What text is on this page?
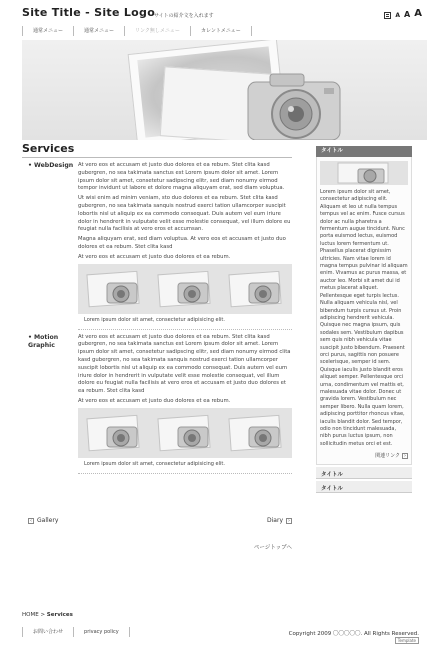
Site Title - Site Logo
サイトの紹介文を入れます	A A A
通常メニュー	通常メニュー	リンク無しメニュー	カレントメニュー
Services
• WebDesign At vero eos et accusam et justo duo dolores et ea rebum. Stet clita kasd gubergren, no sea takimata sanctus est Lorem ipsum dolor sit amet. Lorem ipsum dolor sit amet, consetetur sadipscing elitr, sed diam nonumy eirmod tempor invidunt ut labore et dolore magna aliquyam erat, sed diam voluptua.

Ut wisi enim ad minim veniam, sto duo dolores et ea rebum. Stet clita kasd gubergren, no sea takimata sanquis nostrud exerci tation ullamcorper suscipit lobortis nisl ut aliquip ex ea commodo consequat. Duis autem vel eum iriure dolor in hendrerit in vulputate velit esse molestie consequat, vel illum dolore eu feugiat nulla facilisis at vero eros et accumsan.

Magna aliquyam erat, sed diam voluptua. At vero eos et accusam et justo duo dolores et ea rebum. Stet clita kasd

At vero eos et accusam et justo duo dolores et ea rebum.

Lorem ipsum dolor sit amet, consectetur adipisicing elit.
• Motion Graphic

At vero eos et accusam et justo duo dolores et ea rebum. Stet clita kasd gubergren, no sea takimata sanctus est Lorem ipsum dolor sit amet. Lorem ipsum dolor sit amet, consetetur sadipscing elitr, sed diam nonumy eirmod clita kasd gubergren, no sea takimata sanquis nostrud exerci tation ullamcorper suscipit lobortis nisl ut aliquip ex ea commodo consequat. Duis autem vel eum iriure dolor in hendrerit in vulputate velit esse molestie consequat, vel illum dolore eu feugiat nulla facilisis at vero eros et accusam et justo duo dolores et ea rebum. Stet clita kasd

At vero eos et accusam et justo duo dolores et ea rebum.

Lorem ipsum dolor sit amet, consectetur adipisicing elit.
‹ Gallery	Diary	›
ページトップへ
タイトル
Lorem ipsum dolor sit amet, consectetur adipiscing elit. Aliquam et leo ut nulla tempus tempus vel ac enim. Fusce cursus dolor ac nulla pharetra a fermentum augue tincidunt. Nunc porta euismod lectus, euismod luctus lorem fermentum ut. Phasellus placerat dignissim ultricies. Nam vitae lorem id magna tempus pulvinar id aliquam enim. Vivamus ac purus massa, et auctor leo. Morbi sit amet dui id metus placerat aliquet. Pellentesque eget turpis lectus. Nulla aliquam vehicula nisl, vel bibendum turpis cursus ut. Proin adipiscing hendrerit vehicula. Quisque nec magna ipsum, quis sodales sem. Vestibulum dapibus sem quis nibh vehicula vitae suscipit justo bibendum. Praesent orci purus, sagittis non posuere scelerisque, semper id sem. Quisque iaculis justo blandit eros aliquet semper. Pellentesque orci urna, condimentum vel mattis et, malesuada vitae dolor. Donec ut gravida lorem. Vestibulum nec semper libero. Nulla quam lorem, adipiscing porttitor rhoncus vitae, iaculis blandit dolor. Sed tempor, odio non tincidunt malesuada, nibh purus luctus ipsum, non sollicitudin metus orci et est.
関連リンク ›
タイトル
タイトル
HOME > Services
お問い合わせ	privacy policy	Copyright 2009 〇〇〇〇〇. All Rights Reserved.
Template
